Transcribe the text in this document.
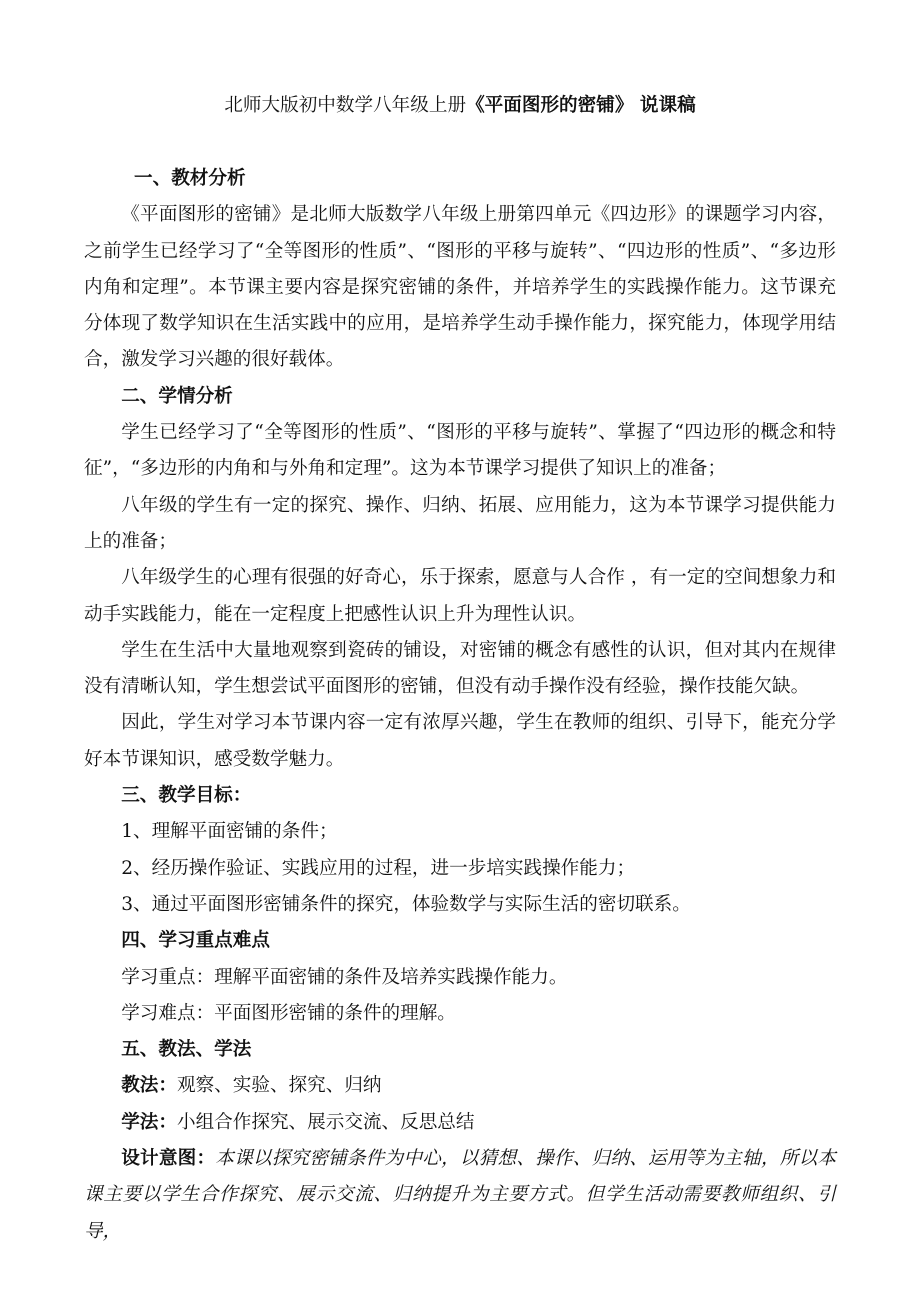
北师大版初中数学八年级上册《平面图形的密铺》 说课稿

一、教材分析

《平面图形的密铺》是北师大版数学八年级上册第四单元《四边形》的课题学习内容，之前学生已经学习了“全等图形的性质”、“图形的平移与旋转”、“四边形的性质”、“多边形内角和定理”。本节课主要内容是探究密铺的条件，并培养学生的实践操作能力。这节课充分体现了数学知识在生活实践中的应用，是培养学生动手操作能力，探究能力，体现学用结合，激发学习兴趣的很好载体。

二、学情分析

学生已经学习了“全等图形的性质”、“图形的平移与旋转”、掌握了“四边形的概念和特征”，“多边形的内角和与外角和定理”。这为本节课学习提供了知识上的准备；

八年级的学生有一定的探究、操作、归纳、拓展、应用能力，这为本节课学习提供能力上的准备；

八年级学生的心理有很强的好奇心，乐于探索，愿意与人合作 ，有一定的空间想象力和动手实践能力，能在一定程度上把感性认识上升为理性认识。

学生在生活中大量地观察到瓷砖的铺设，对密铺的概念有感性的认识，但对其内在规律没有清晰认知，学生想尝试平面图形的密铺，但没有动手操作没有经验，操作技能欠缺。

因此，学生对学习本节课内容一定有浓厚兴趣，学生在教师的组织、引导下，能充分学好本节课知识，感受数学魅力。

三、教学目标：

1、理解平面密铺的条件；

2、经历操作验证、实践应用的过程，进一步培实践操作能力；

3、通过平面图形密铺条件的探究，体验数学与实际生活的密切联系。

四、学习重点难点

学习重点：理解平面密铺的条件及培养实践操作能力。

学习难点：平面图形密铺的条件的理解。

五、教法、学法

教法：观察、实验、探究、归纳

学法：小组合作探究、展示交流、反思总结

设计意图：本课以探究密铺条件为中心，以猜想、操作、归纳、运用等为主轴，所以本课主要以学生合作探究、展示交流、归纳提升为主要方式。但学生活动需要教师组织、引导，
